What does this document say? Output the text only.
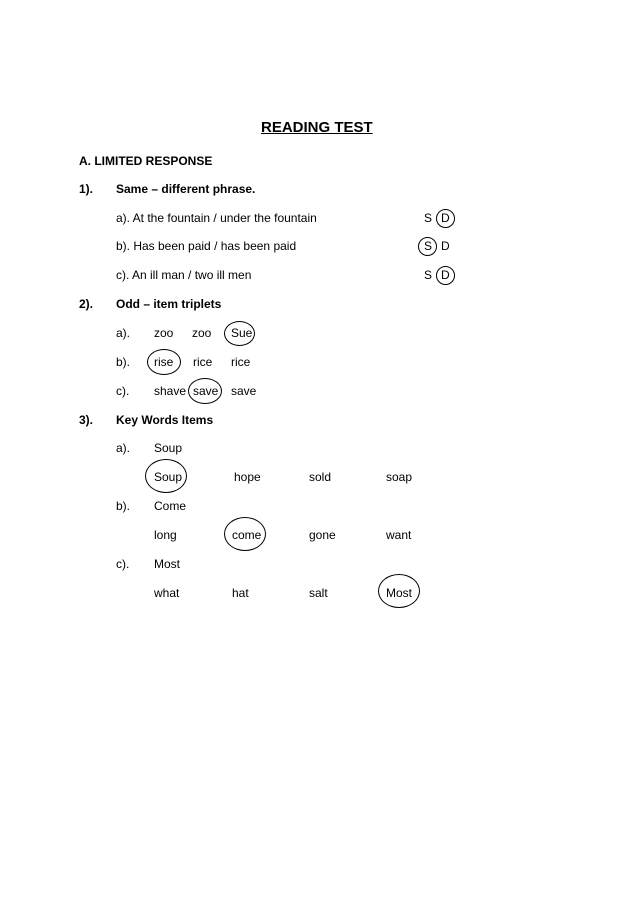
READING TEST
A. LIMITED RESPONSE
1). Same – different phrase.
a). At the fountain / under the fountain	S D
b). Has been paid / has been paid	S D
c). An ill man / two ill men	S D
2). Odd – item triplets
a). zoo zoo Sue
b). rise rice rice
c). shave save save
3). Key Words Items
a). Soup
Soup	hope	sold	soap
b). Come
long	come	gone	want
c). Most
what	hat	salt	Most
